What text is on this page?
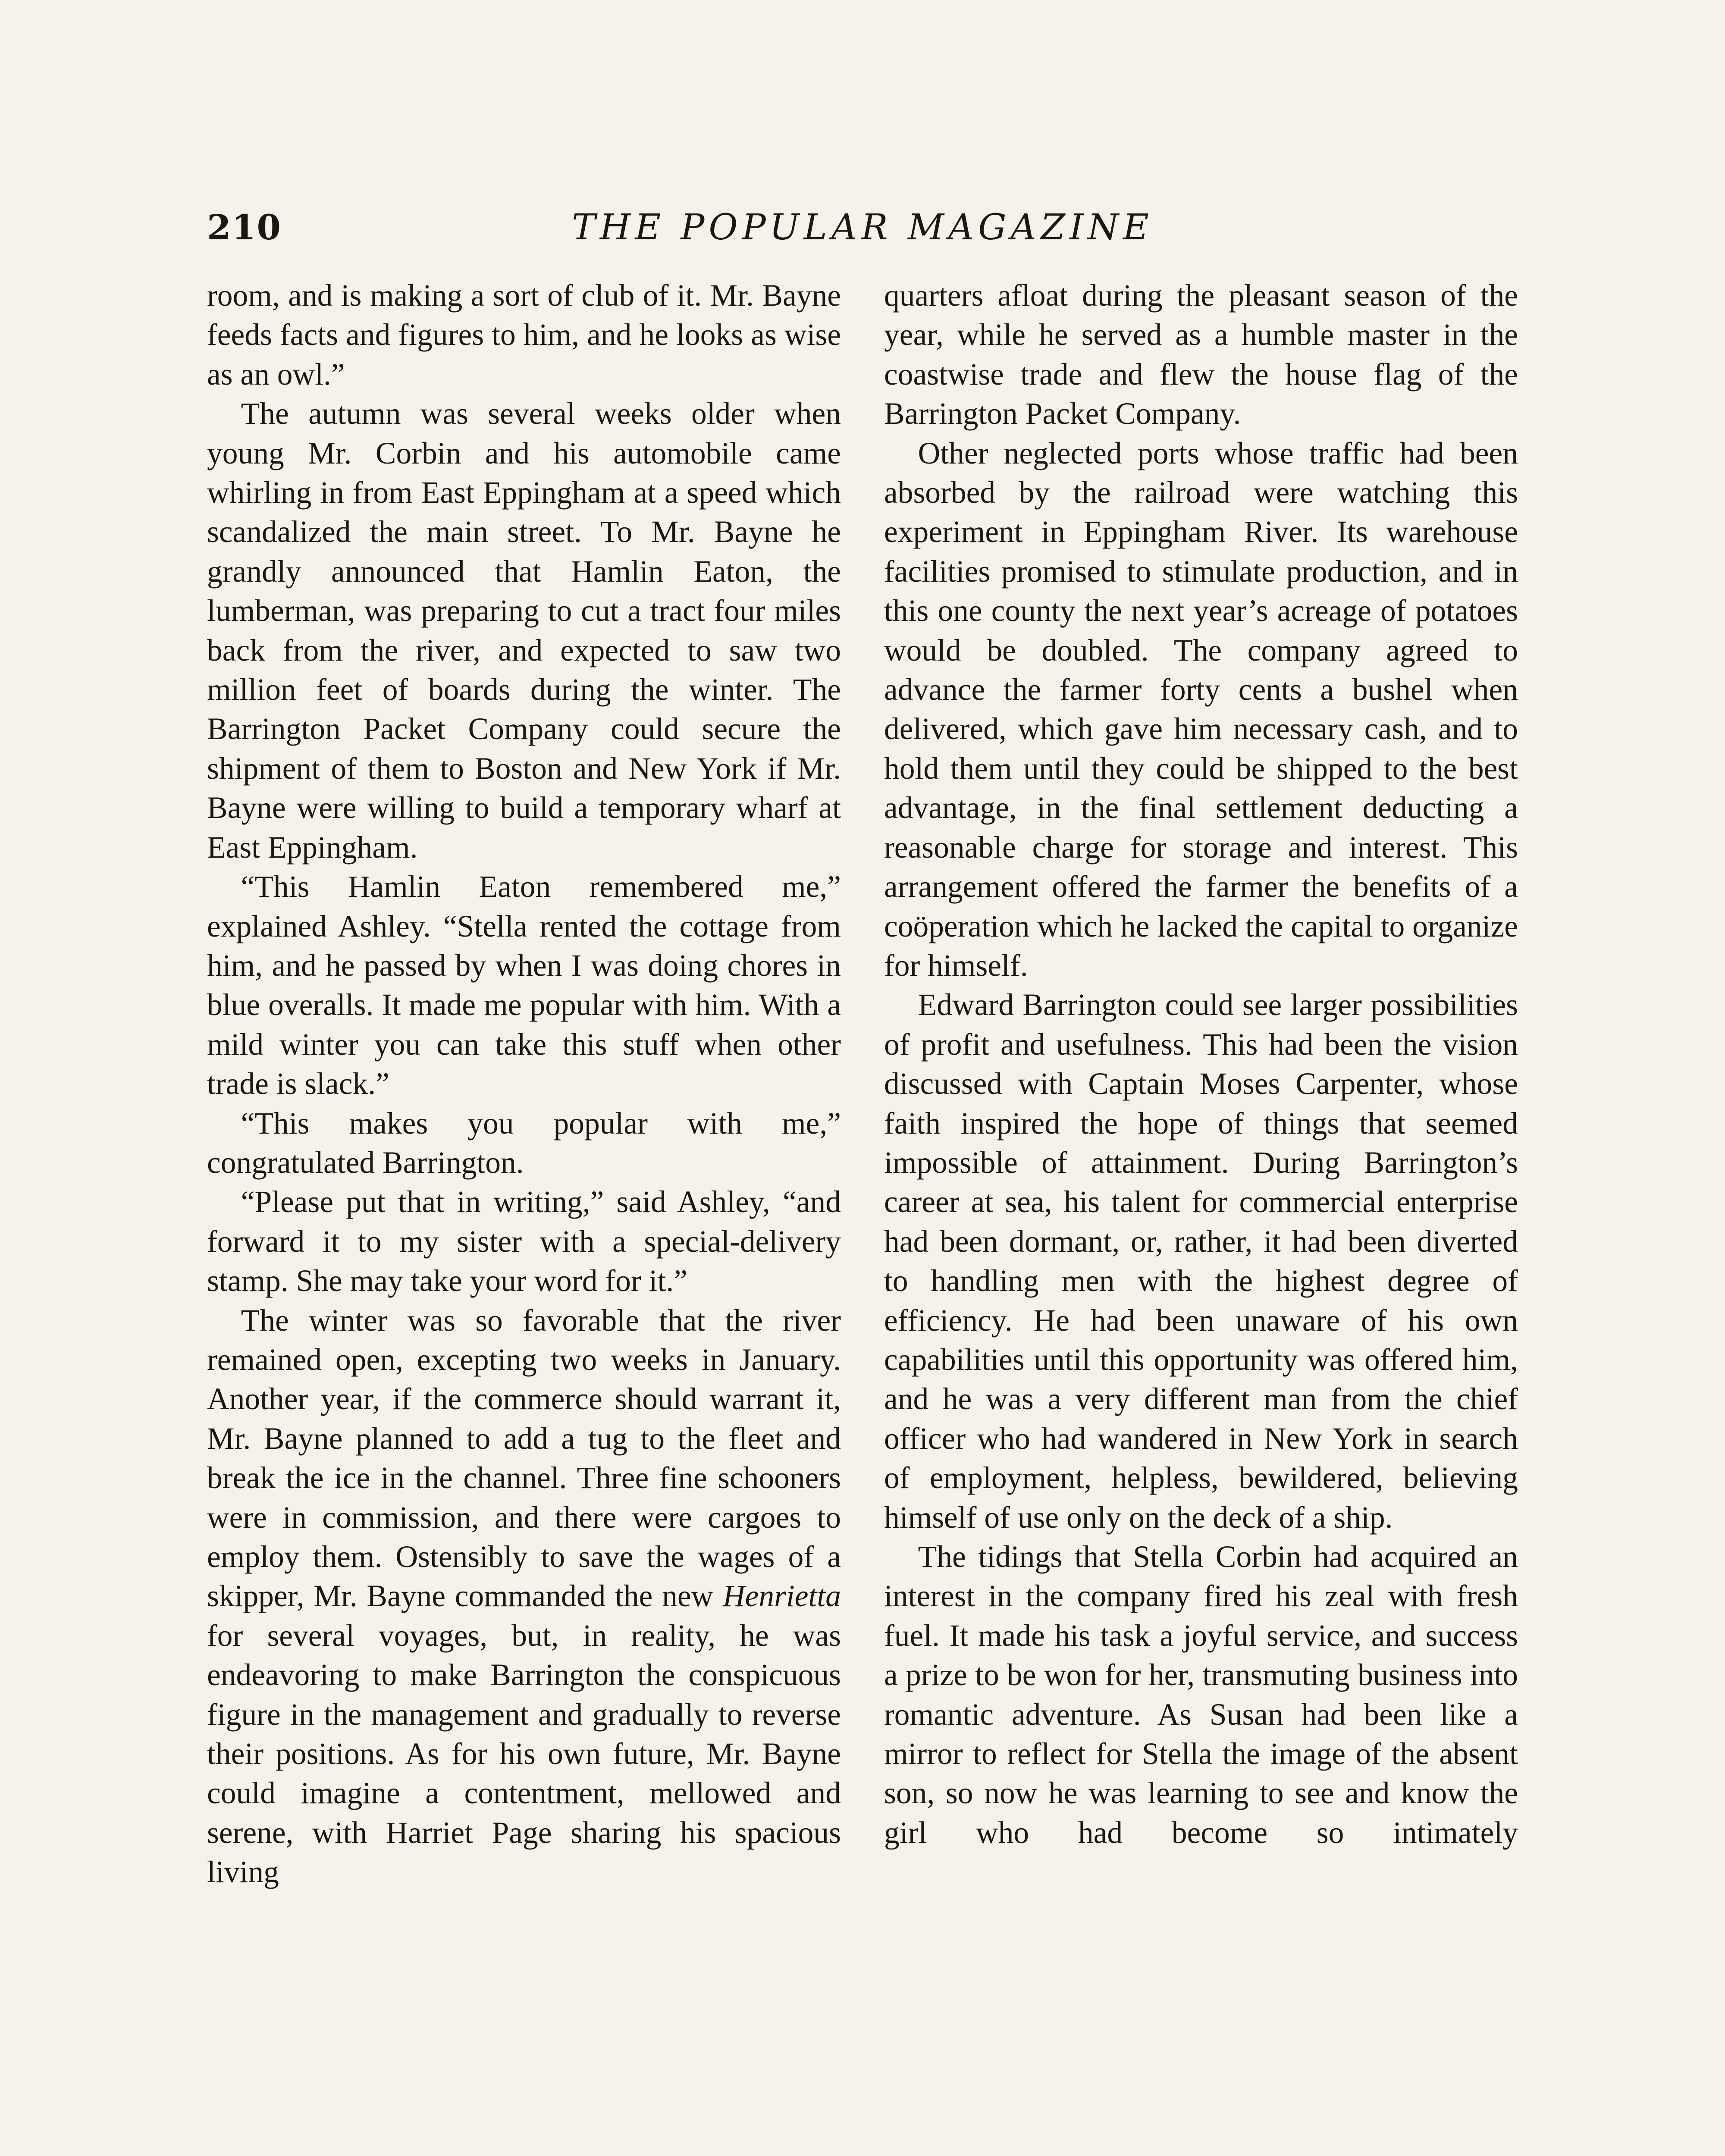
210	THE POPULAR MAGAZINE

room, and is making a sort of club of it. Mr. Bayne feeds facts and figures to him, and he looks as wise as an owl.”

The autumn was several weeks older when young Mr. Corbin and his automobile came whirling in from East Eppingham at a speed which scandalized the main street. To Mr. Bayne he grandly announced that Hamlin Eaton, the lumberman, was preparing to cut a tract four miles back from the river, and expected to saw two million feet of boards during the winter. The Barrington Packet Company could secure the shipment of them to Boston and New York if Mr. Bayne were willing to build a temporary wharf at East Eppingham.

“This Hamlin Eaton remembered me,” explained Ashley. “Stella rented the cottage from him, and he passed by when I was doing chores in blue overalls. It made me popular with him. With a mild winter you can take this stuff when other trade is slack.”

“This makes you popular with me,” congratulated Barrington.

“Please put that in writing,” said Ashley, “and forward it to my sister with a special-delivery stamp. She may take your word for it.”

The winter was so favorable that the river remained open, excepting two weeks in January. Another year, if the commerce should warrant it, Mr. Bayne planned to add a tug to the fleet and break the ice in the channel. Three fine schooners were in commission, and there were cargoes to employ them. Ostensibly to save the wages of a skipper, Mr. Bayne commanded the new Henrietta for several voyages, but, in reality, he was endeavoring to make Barrington the conspicuous figure in the management and gradually to reverse their positions. As for his own future, Mr. Bayne could imagine a contentment, mellowed and serene, with Harriet Page sharing his spacious living

quarters afloat during the pleasant season of the year, while he served as a humble master in the coastwise trade and flew the house flag of the Barrington Packet Company.

Other neglected ports whose traffic had been absorbed by the railroad were watching this experiment in Eppingham River. Its warehouse facilities promised to stimulate production, and in this one county the next year’s acreage of potatoes would be doubled. The company agreed to advance the farmer forty cents a bushel when delivered, which gave him necessary cash, and to hold them until they could be shipped to the best advantage, in the final settlement deducting a reasonable charge for storage and interest. This arrangement offered the farmer the benefits of a coöperation which he lacked the capital to organize for himself.

Edward Barrington could see larger possibilities of profit and usefulness. This had been the vision discussed with Captain Moses Carpenter, whose faith inspired the hope of things that seemed impossible of attainment. During Barrington’s career at sea, his talent for commercial enterprise had been dormant, or, rather, it had been diverted to handling men with the highest degree of efficiency. He had been unaware of his own capabilities until this opportunity was offered him, and he was a very different man from the chief officer who had wandered in New York in search of employment, helpless, bewildered, believing himself of use only on the deck of a ship.

The tidings that Stella Corbin had acquired an interest in the company fired his zeal with fresh fuel. It made his task a joyful service, and success a prize to be won for her, transmuting business into romantic adventure. As Susan had been like a mirror to reflect for Stella the image of the absent son, so now he was learning to see and know the girl who had become so intimately
